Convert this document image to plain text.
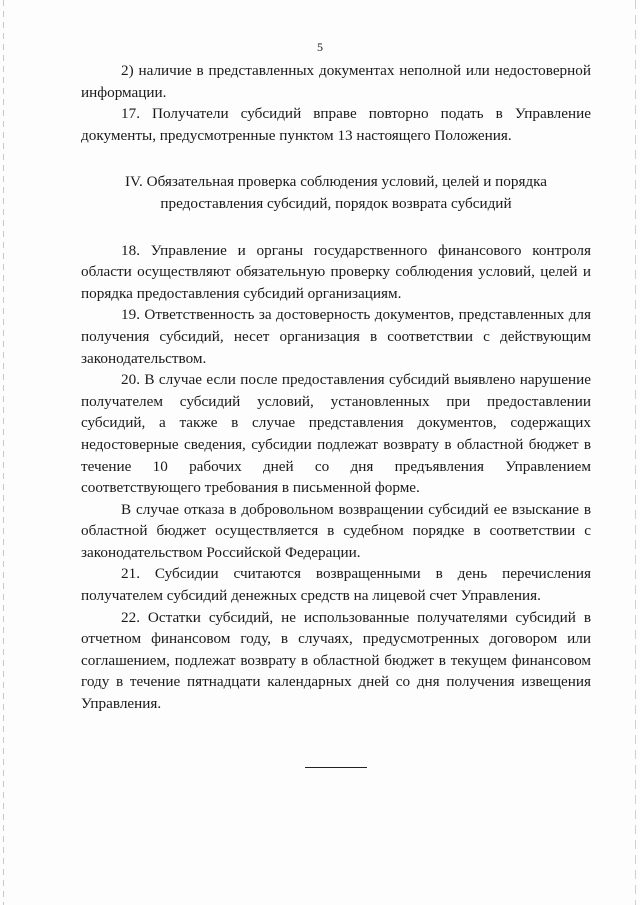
5

2) наличие в представленных документах неполной или недостоверной информации.

17. Получатели субсидий вправе повторно подать в Управление документы, предусмотренные пунктом 13 настоящего Положения.

IV. Обязательная проверка соблюдения условий, целей и порядка предоставления субсидий, порядок возврата субсидий

18. Управление и органы государственного финансового контроля области осуществляют обязательную проверку соблюдения условий, целей и порядка предоставления субсидий организациям.

19. Ответственность за достоверность документов, представленных для получения субсидий, несет организация в соответствии с действующим законодательством.

20. В случае если после предоставления субсидий выявлено нарушение получателем субсидий условий, установленных при предоставлении субсидий, а также в случае представления документов, содержащих недостоверные сведения, субсидии подлежат возврату в областной бюджет в течение 10 рабочих дней со дня предъявления Управлением соответствующего требования в письменной форме.

В случае отказа в добровольном возвращении субсидий ее взыскание в областной бюджет осуществляется в судебном порядке в соответствии с законодательством Российской Федерации.

21. Субсидии считаются возвращенными в день перечисления получателем субсидий денежных средств на лицевой счет Управления.

22. Остатки субсидий, не использованные получателями субсидий в отчетном финансовом году, в случаях, предусмотренных договором или соглашением, подлежат возврату в областной бюджет в текущем финансовом году в течение пятнадцати календарных дней со дня получения извещения Управления.
